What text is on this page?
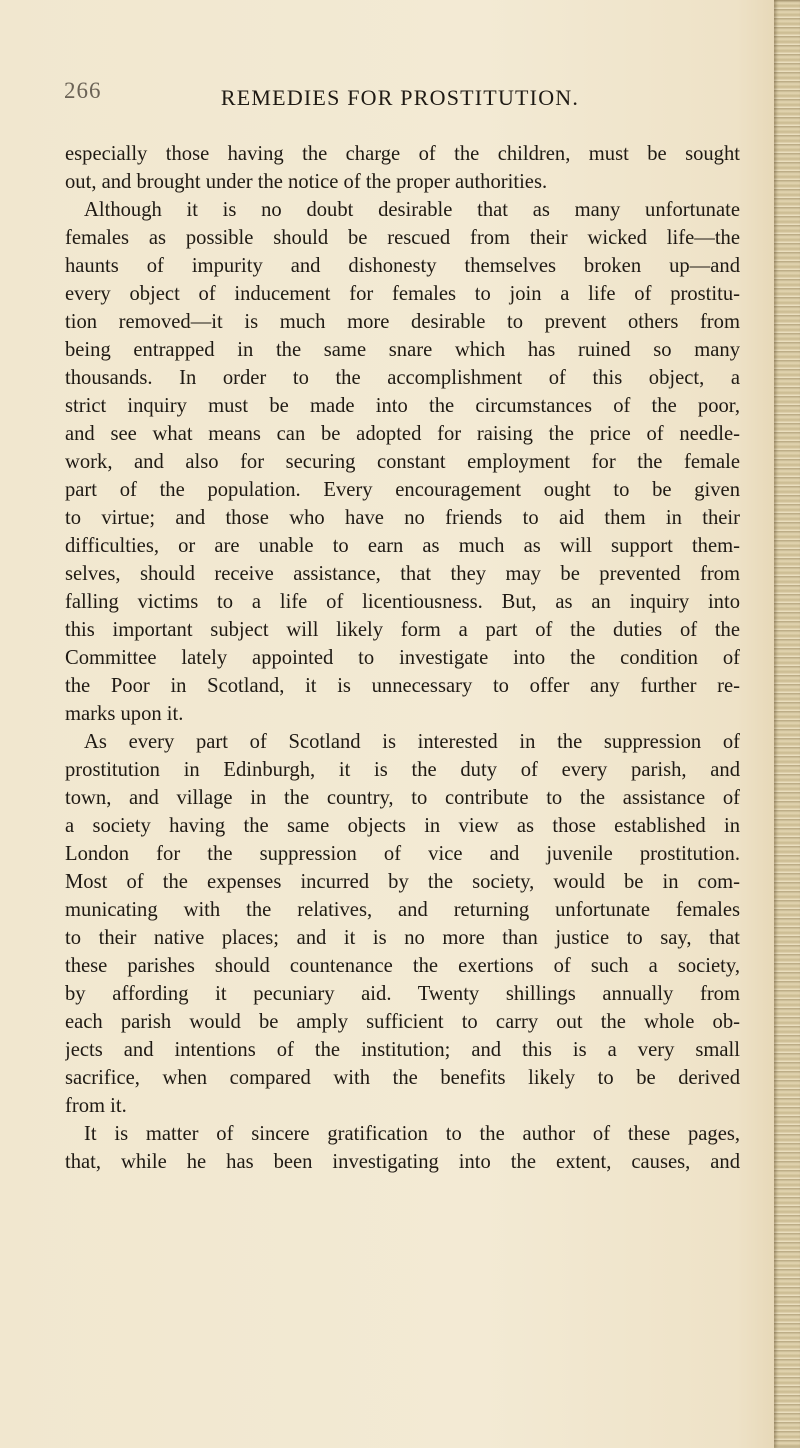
266	REMEDIES FOR PROSTITUTION.
especially those having the charge of the children, must be sought
out, and brought under the notice of the proper authorities.
Although it is no doubt desirable that as many unfortunate
females as possible should be rescued from their wicked life—the
haunts of impurity and dishonesty themselves broken up—and
every object of inducement for females to join a life of prostitu-
tion removed—it is much more desirable to prevent others from
being entrapped in the same snare which has ruined so many
thousands. In order to the accomplishment of this object, a
strict inquiry must be made into the circumstances of the poor,
and see what means can be adopted for raising the price of needle-
work, and also for securing constant employment for the female
part of the population. Every encouragement ought to be given
to virtue; and those who have no friends to aid them in their
difficulties, or are unable to earn as much as will support them-
selves, should receive assistance, that they may be prevented from
falling victims to a life of licentiousness. But, as an inquiry into
this important subject will likely form a part of the duties of the
Committee lately appointed to investigate into the condition of
the Poor in Scotland, it is unnecessary to offer any further re-
marks upon it.
As every part of Scotland is interested in the suppression of
prostitution in Edinburgh, it is the duty of every parish, and
town, and village in the country, to contribute to the assistance of
a society having the same objects in view as those established in
London for the suppression of vice and juvenile prostitution.
Most of the expenses incurred by the society, would be in com-
municating with the relatives, and returning unfortunate females
to their native places; and it is no more than justice to say, that
these parishes should countenance the exertions of such a society,
by affording it pecuniary aid. Twenty shillings annually from
each parish would be amply sufficient to carry out the whole ob-
jects and intentions of the institution; and this is a very small
sacrifice, when compared with the benefits likely to be derived
from it.
It is matter of sincere gratification to the author of these pages,
that, while he has been investigating into the extent, causes, and
